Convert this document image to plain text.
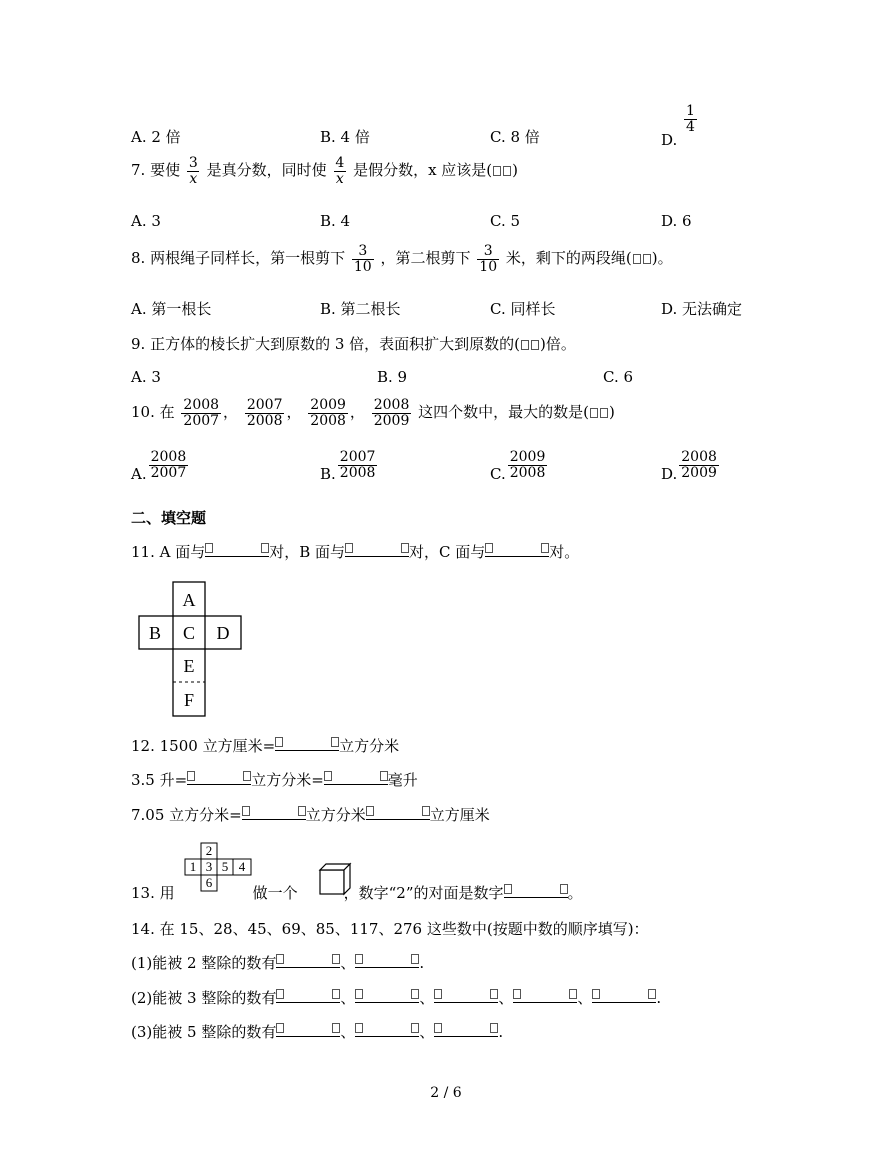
A. 2 倍	B. 4 倍	C. 8 倍	D.
$\frac{1}{4}$
7. 要使 $\frac{3}{x}$ 是真分数，同时使 $\frac{4}{x}$ 是假分数，x 应该是( )
A. 3	B. 4	C. 5	D. 6
8. 两根绳子同样长，第一根剪下 $\frac{3}{10}$ ，第二根剪下 $\frac{3}{10}$ 米，剩下的两段绳( )。
A. 第一根长	B. 第二根长	C. 同样长	D. 无法确定
9. 正方体的棱长扩大到原数的 3 倍，表面积扩大到原数的( )倍。
A. 3	B. 9	C. 6
10. 在 $\frac{2008}{2007}$ ， $\frac{2007}{2008}$ ， $\frac{2009}{2008}$ ， $\frac{2008}{2009}$ 这四个数中，最大的数是( )
A. $\frac{2008}{2007}$	B. $\frac{2007}{2008}$	C. $\frac{2009}{2008}$	D. $\frac{2008}{2009}$
二、填空题
11. A 面与	对，B 面与	对，C 面与	对。
A
B C D
E
F
12. 1500 立方厘米=	立方分米
3.5 升=	立方分米=	毫升
7.05 立方分米=	立方分米	立方厘米
1
2
3 4
5
6
13. 用	做一个	，数字“2”的对面是数字	。
14. 在 15、28、45、69、85、117、276 这些数中(按题中数的顺序填写)：
(1)能被 2 整除的数有	、	.
(2)能被 3 整除的数有	、	、	、	、	.
(3)能被 5 整除的数有	、	、	.
2 / 6
